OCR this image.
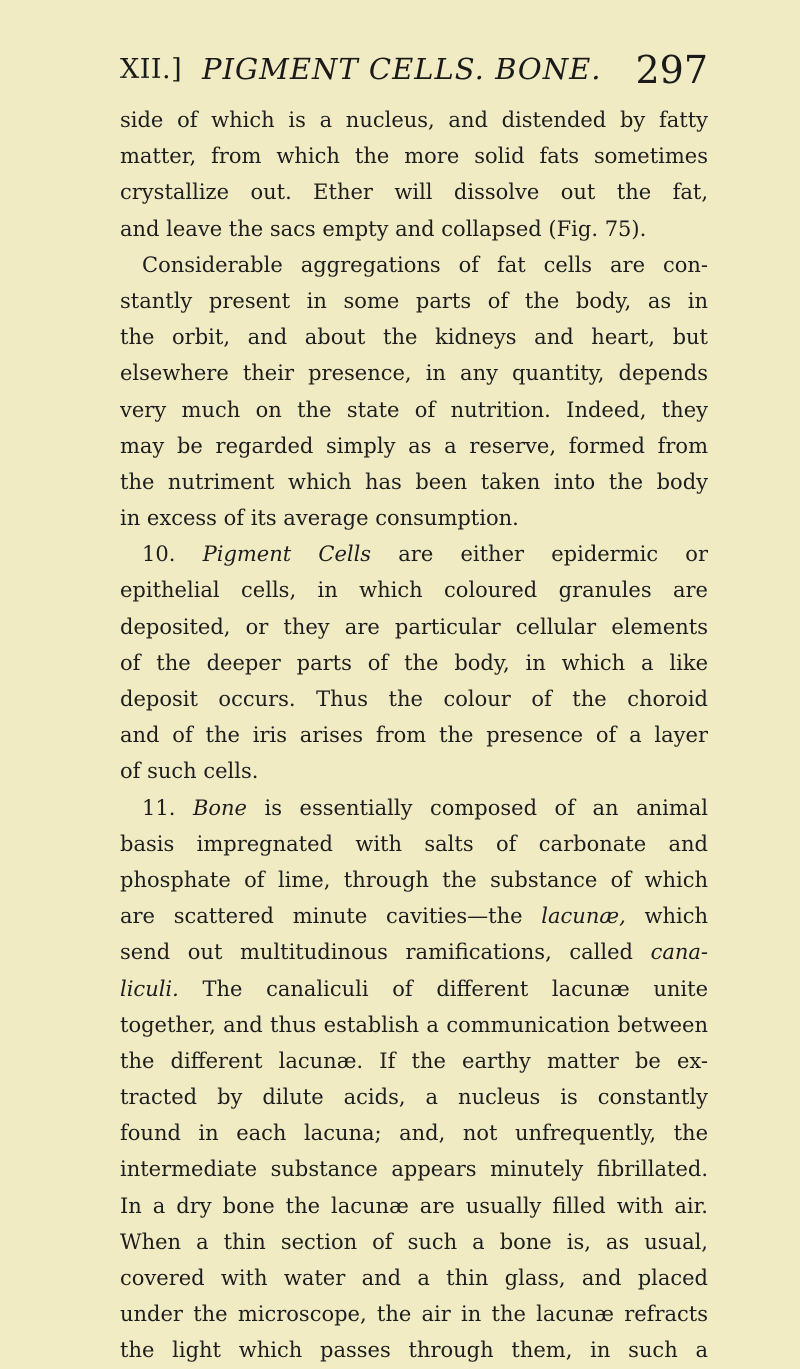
XII.] PIGMENT CELLS. BONE. 297
side of which is a nucleus, and distended by fatty
matter, from which the more solid fats sometimes
crystallize out. Ether will dissolve out the fat,
and leave the sacs empty and collapsed (Fig. 75).
Considerable aggregations of fat cells are con-
stantly present in some parts of the body, as in
the orbit, and about the kidneys and heart, but
elsewhere their presence, in any quantity, depends
very much on the state of nutrition. Indeed, they
may be regarded simply as a reserve, formed from
the nutriment which has been taken into the body
in excess of its average consumption.
10. Pigment Cells are either epidermic or
epithelial cells, in which coloured granules are
deposited, or they are particular cellular elements
of the deeper parts of the body, in which a like
deposit occurs. Thus the colour of the choroid
and of the iris arises from the presence of a layer
of such cells.
11. Bone is essentially composed of an animal
basis impregnated with salts of carbonate and
phosphate of lime, through the substance of which
are scattered minute cavities—the lacunæ, which
send out multitudinous ramifications, called cana-
liculi. The canaliculi of different lacunæ unite
together, and thus establish a communication between
the different lacunæ. If the earthy matter be ex-
tracted by dilute acids, a nucleus is constantly
found in each lacuna; and, not unfrequently, the
intermediate substance appears minutely fibrillated.
In a dry bone the lacunæ are usually filled with air.
When a thin section of such a bone is, as usual,
covered with water and a thin glass, and placed
under the microscope, the air in the lacunæ refracts
the light which passes through them, in such a
